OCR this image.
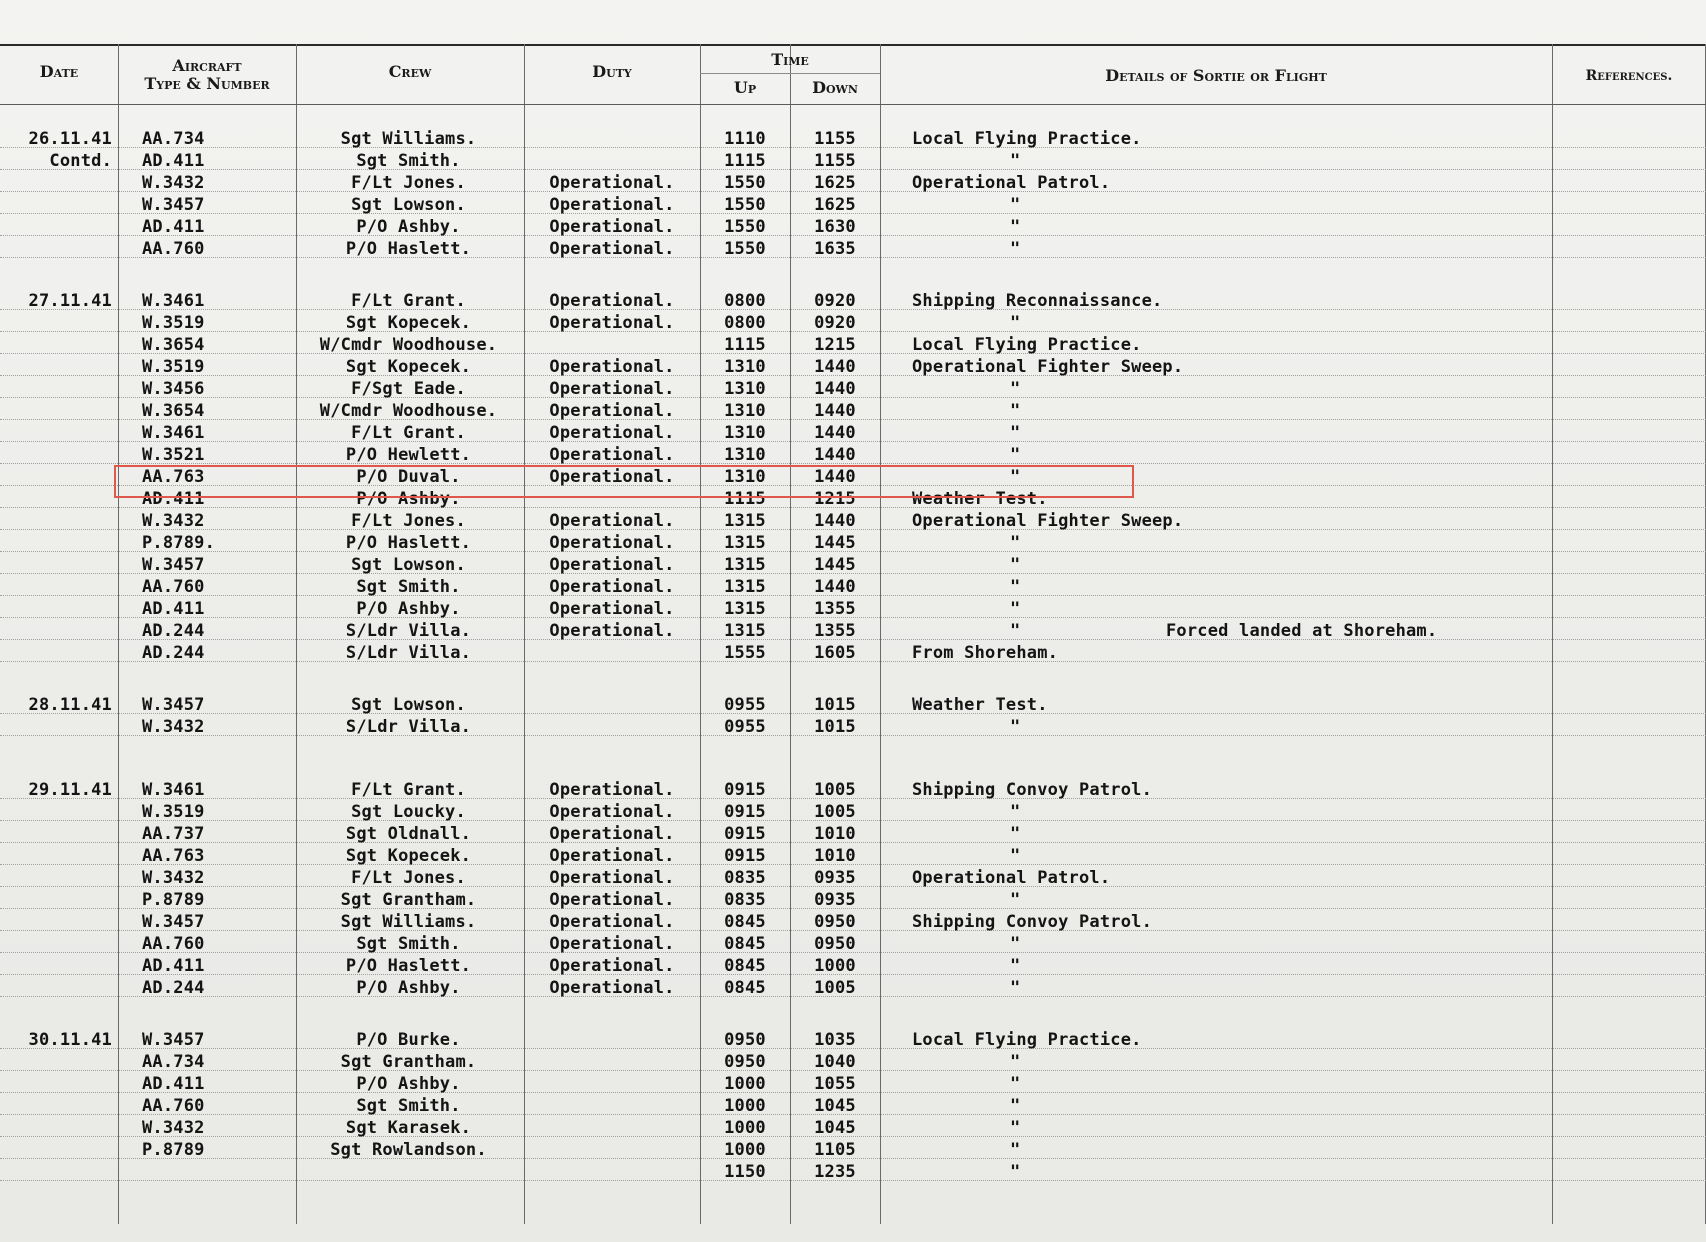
Date	Aircraft
Type & Number
Crew	Duty
Time
Up	Down
Details of Sortie or Flight	References.
26.11.41 AA.734	Sgt Williams.	1110	1155	Local Flying Practice.
Contd. AD.411	Sgt Smith.	1115	1155	"
W.3432	F/Lt Jones.	Operational.	1550	1625	Operational Patrol.
W.3457	Sgt Lowson.	Operational.	1550	1625	"
AD.411	P/O Ashby.	Operational.	1550	1630	"
AA.760	P/O Haslett.	Operational.	1550	1635	"
27.11.41 W.3461	F/Lt Grant.	Operational.	0800	0920	Shipping Reconnaissance.
W.3519	Sgt Kopecek.	Operational.	0800	0920	"
W.3654	W/Cmdr Woodhouse.	1115	1215	Local Flying Practice.
W.3519	Sgt Kopecek.	Operational.	1310	1440	Operational Fighter Sweep.
W.3456	F/Sgt Eade.	Operational.	1310	1440	"
W.3654	W/Cmdr Woodhouse.	Operational.	1310	1440	"
W.3461	F/Lt Grant.	Operational.	1310	1440	"
W.3521	P/O Hewlett.	Operational.	1310	1440	"
AA.763	P/O Duval.	Operational.	1310	1440	"
AD.411	P/O Ashby.	1115	1215	Weather Test.
W.3432	F/Lt Jones.	Operational.	1315	1440	Operational Fighter Sweep.
P.8789.	P/O Haslett.	Operational.	1315	1445	"
W.3457	Sgt Lowson.	Operational.	1315	1445	"
AA.760	Sgt Smith.	Operational.	1315	1440	"
AD.411	P/O Ashby.	Operational.	1315	1355	"
AD.244	S/Ldr Villa.	Operational.	1315	1355	"	Forced landed at Shoreham.
AD.244	S/Ldr Villa.	1555	1605	From Shoreham.
28.11.41 W.3457	Sgt Lowson.	0955	1015	Weather Test.
W.3432	S/Ldr Villa.	0955	1015	"
29.11.41 W.3461	F/Lt Grant.	Operational.	0915	1005	Shipping Convoy Patrol.
W.3519	Sgt Loucky.	Operational.	0915	1005	"
AA.737	Sgt Oldnall.	Operational.	0915	1010	"
AA.763	Sgt Kopecek.	Operational.	0915	1010	"
W.3432	F/Lt Jones.	Operational.	0835	0935	Operational Patrol.
P.8789	Sgt Grantham.	Operational.	0835	0935	"
W.3457	Sgt Williams.	Operational.	0845	0950	Shipping Convoy Patrol.
AA.760	Sgt Smith.	Operational.	0845	0950	"
AD.411	P/O Haslett.	Operational.	0845	1000	"
AD.244	P/O Ashby.	Operational.	0845	1005	"
30.11.41 W.3457	P/O Burke.	0950	1035	Local Flying Practice.
AA.734	Sgt Grantham.	0950	1040	"
AD.411	P/O Ashby.	1000	1055	"
AA.760	Sgt Smith.	1000	1045	"
W.3432	Sgt Karasek.	1000	1045	"
P.8789	Sgt Rowlandson.	1000	1105	"
1150	1235	"
